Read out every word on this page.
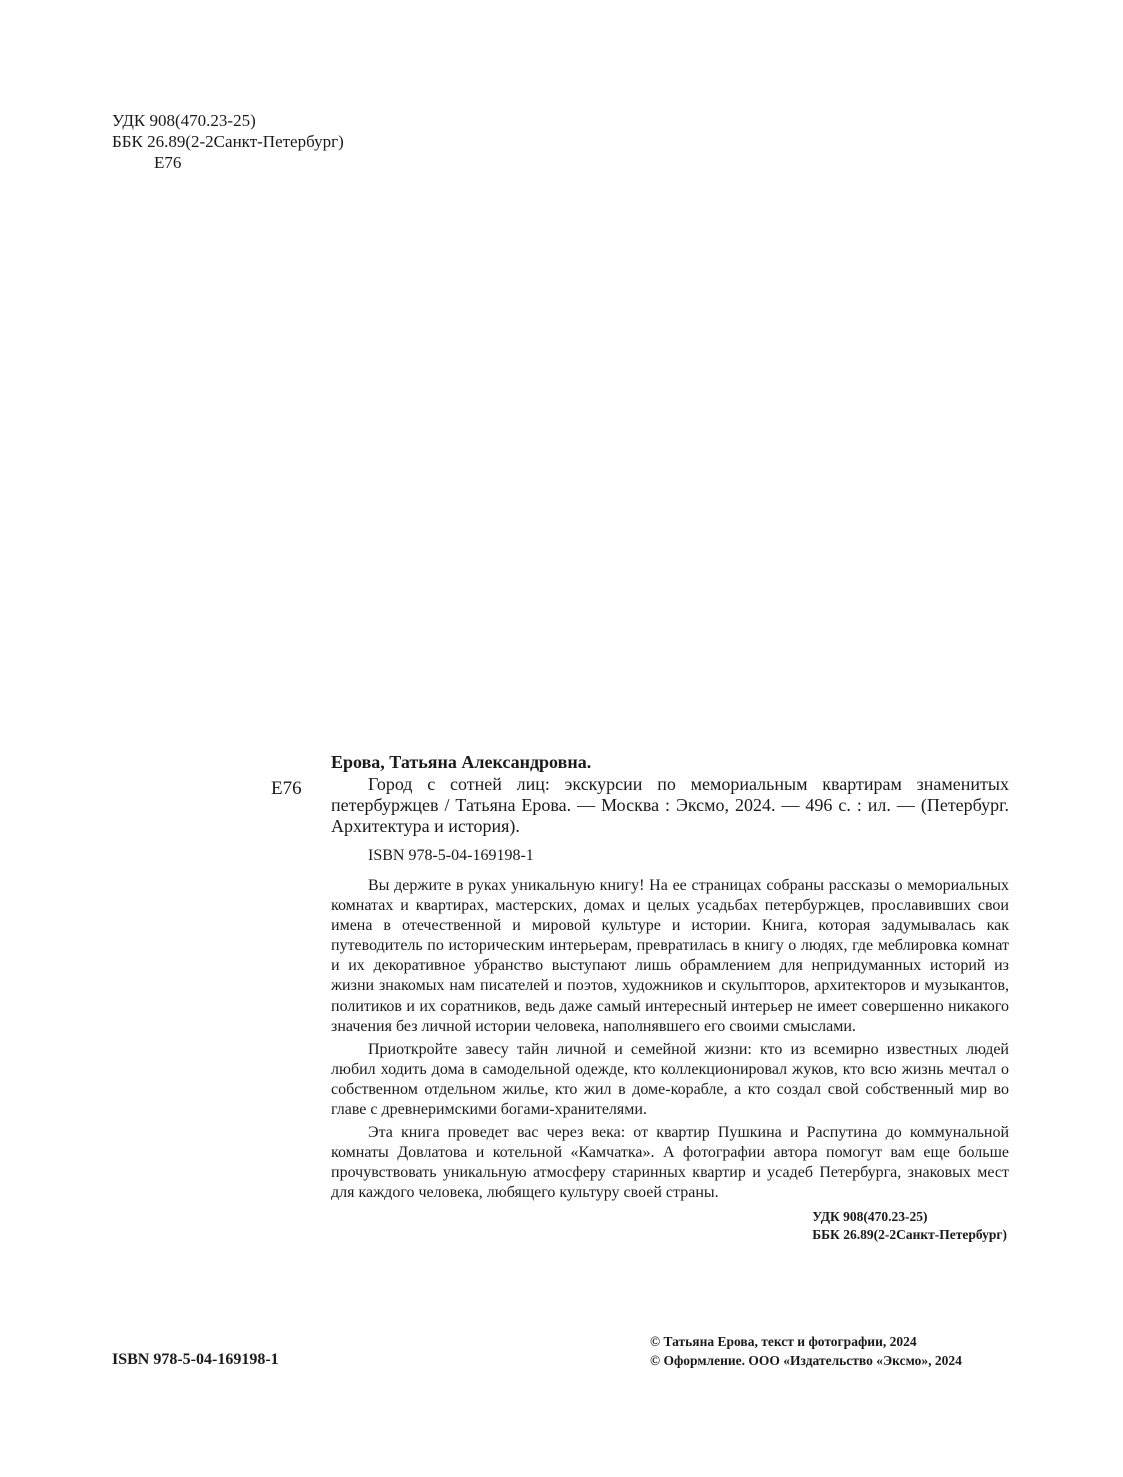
УДК 908(470.23-25)
ББК 26.89(2-2Санкт-Петербург)
Е76
Е76
Ерова, Татьяна Александровна.

Город с сотней лиц: экскурсии по мемориальным квартирам знаменитых петербуржцев / Татьяна Ерова. — Москва : Эксмо, 2024. — 496 с. : ил. — (Петербург. Архитектура и история).

ISBN 978-5-04-169198-1

Вы держите в руках уникальную книгу! На ее страницах собраны рассказы о мемориальных комнатах и квартирах, мастерских, домах и целых усадьбах петербуржцев, прославивших свои имена в отечественной и мировой культуре и истории. Книга, которая задумывалась как путеводитель по историческим интерьерам, превратилась в книгу о людях, где меблировка комнат и их декоративное убранство выступают лишь обрамлением для непридуманных историй из жизни знакомых нам писателей и поэтов, художников и скульпторов, архитекторов и музыкантов, политиков и их соратников, ведь даже самый интересный интерьер не имеет совершенно никакого значения без личной истории человека, наполнявшего его своими смыслами.

Приоткройте завесу тайн личной и семейной жизни: кто из всемирно известных людей любил ходить дома в самодельной одежде, кто коллекционировал жуков, кто всю жизнь мечтал о собственном отдельном жилье, кто жил в доме-корабле, а кто создал свой собственный мир во главе с древнеримскими богами-хранителями.

Эта книга проведет вас через века: от квартир Пушкина и Распутина до коммунальной комнаты Довлатова и котельной «Камчатка». А фотографии автора помогут вам еще больше прочувствовать уникальную атмосферу старинных квартир и усадеб Петербурга, знаковых мест для каждого человека, любящего культуру своей страны.

УДК 908(470.23-25)
ББК 26.89(2-2Санкт-Петербург)
ISBN 978-5-04-169198-1
© Татьяна Ерова, текст и фотографии, 2024
© Оформление. ООО «Издательство «Эксмо», 2024
